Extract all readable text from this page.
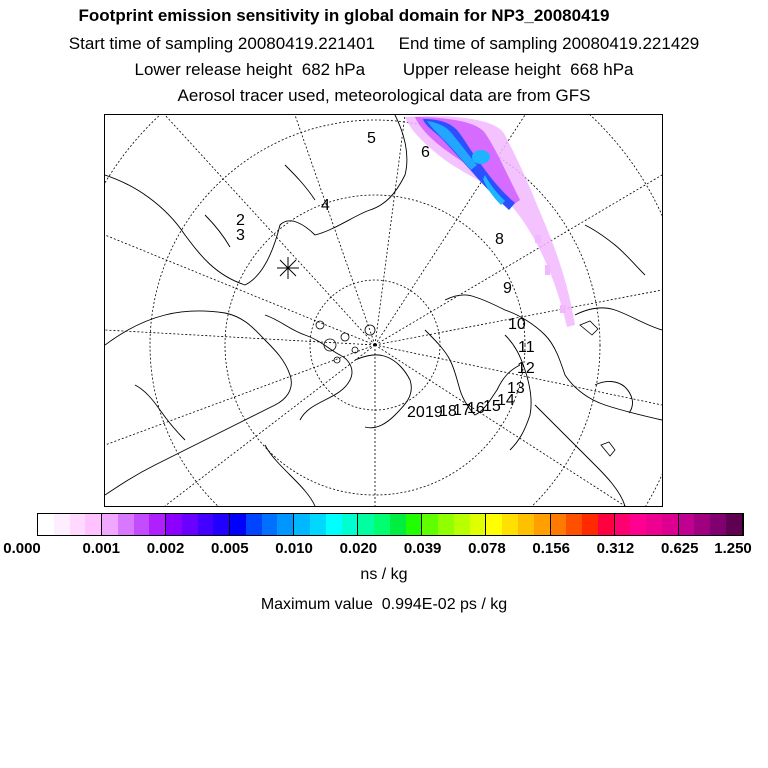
Footprint emission sensitivity in global domain for NP3_20080419
Start time of sampling 20080419.221401 End time of sampling 20080419.221429
Lower release height  682 hPa Upper release height  668 hPa
Aerosol tracer used, meteorological data are from GFS
2
3
4
5
6
8
9
10
11
12
13
14
15
16
17
18
19
20
0.000	0.001 0.002 0.005 0.010 0.020 0.039 0.078 0.156 0.312 0.625 1.250
ns / kg
Maximum value  0.994E-02 ps / kg
